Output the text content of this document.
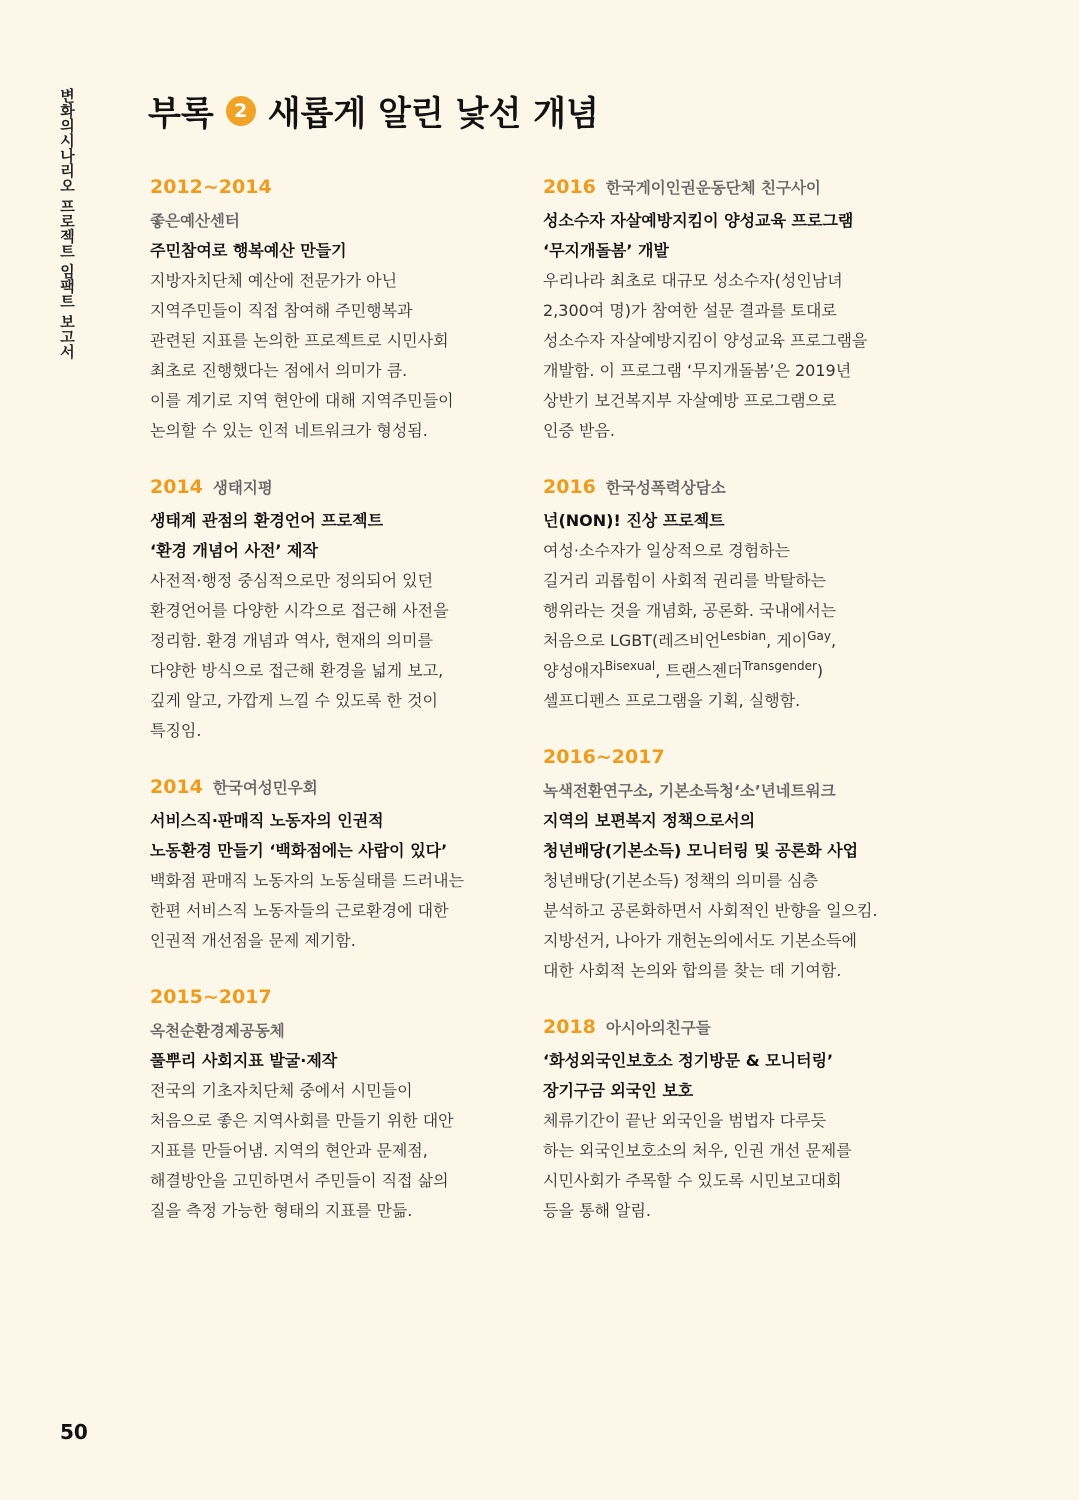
변화의시나리오 프로젝트 임팩트 보고서 부록	2 새롭게 알린 낯선 개념
2012~2014
좋은예산센터
주민참여로 행복예산 만들기
지방자치단체 예산에 전문가가 아닌
지역주민들이 직접 참여해 주민행복과
관련된 지표를 논의한 프로젝트로 시민사회
최초로 진행했다는 점에서 의미가 큼.
이를 계기로 지역 현안에 대해 지역주민들이
논의할 수 있는 인적 네트워크가 형성됨.
2014 생태지평
생태계 관점의 환경언어 프로젝트
‘환경 개념어 사전’ 제작
사전적·행정 중심적으로만 정의되어 있던
환경언어를 다양한 시각으로 접근해 사전을
정리함. 환경 개념과 역사, 현재의 의미를
다양한 방식으로 접근해 환경을 넓게 보고,
깊게 알고, 가깝게 느낄 수 있도록 한 것이
특징임.
2014 한국여성민우회
서비스직·판매직 노동자의 인권적
노동환경 만들기 ‘백화점에는 사람이 있다’
백화점 판매직 노동자의 노동실태를 드러내는
한편 서비스직 노동자들의 근로환경에 대한
인권적 개선점을 문제 제기함.
2015~2017
옥천순환경제공동체
풀뿌리 사회지표 발굴·제작
전국의 기초자치단체 중에서 시민들이
처음으로 좋은 지역사회를 만들기 위한 대안
지표를 만들어냄. 지역의 현안과 문제점,
해결방안을 고민하면서 주민들이 직접 삶의
질을 측정 가능한 형태의 지표를 만듦.
2016 한국게이인권운동단체 친구사이
성소수자 자살예방지킴이 양성교육 프로그램
‘무지개돌봄’ 개발
우리나라 최초로 대규모 성소수자(성인남녀
2,300여 명)가 참여한 설문 결과를 토대로
성소수자 자살예방지킴이 양성교육 프로그램을
개발함. 이 프로그램 ‘무지개돌봄’은 2019년
상반기 보건복지부 자살예방 프로그램으로
인증 받음.
2016 한국성폭력상담소
넌(NON)! 진상 프로젝트
여성·소수자가 일상적으로 경험하는
길거리 괴롭힘이 사회적 권리를 박탈하는
행위라는 것을 개념화, 공론화. 국내에서는
처음으로 LGBT(레즈비언$^{Lesbian}$, 게이$^{Gay}$,
양성애자$^{Bisexual}$, 트랜스젠더$^{Transgender}$)
셀프디펜스 프로그램을 기획, 실행함.
2016~2017
녹색전환연구소, 기본소득청‘소’년네트워크
지역의 보편복지 정책으로서의
청년배당(기본소득) 모니터링 및 공론화 사업
청년배당(기본소득) 정책의 의미를 심층
분석하고 공론화하면서 사회적인 반향을 일으킴.
지방선거, 나아가 개헌논의에서도 기본소득에
대한 사회적 논의와 합의를 찾는 데 기여함.
2018 아시아의친구들
‘화성외국인보호소 정기방문 & 모니터링’
장기구금 외국인 보호
체류기간이 끝난 외국인을 범법자 다루듯
하는 외국인보호소의 처우, 인권 개선 문제를
시민사회가 주목할 수 있도록 시민보고대회
등을 통해 알림.
50
